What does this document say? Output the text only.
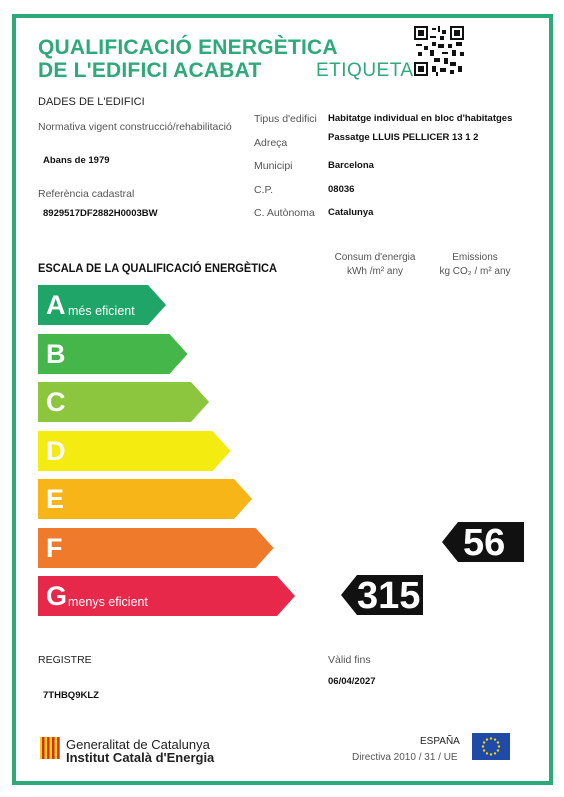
QUALIFICACIÓ ENERGÈTICA
DE L'EDIFICI ACABAT	ETIQUETA
DADES DE L'EDIFICI
Normativa vigent construcció/rehabilitació
Abans de 1979
Referència cadastral
8929517DF2882H0003BW
Tipus d'edifici Habitatge individual en bloc d'habitatges
Adreça	Passatge LLUIS PELLICER 13 1 2
Municipi	Barcelona
C.P.	08036
C. Autònoma Catalunya
ESCALA DE LA QUALIFICACIÓ ENERGÈTICA
Consum d'energia
kWh /m² any
Emissions
kg CO₂ / m² any
A més eficient
B
C
D
E
F
G menys eficient	315
56
REGISTRE
7THBQ9KLZ
Vàlid fins
06/04/2027
Generalitat de Catalunya
Institut Català d'Energia
ESPAÑA
Directiva 2010 / 31 / UE
